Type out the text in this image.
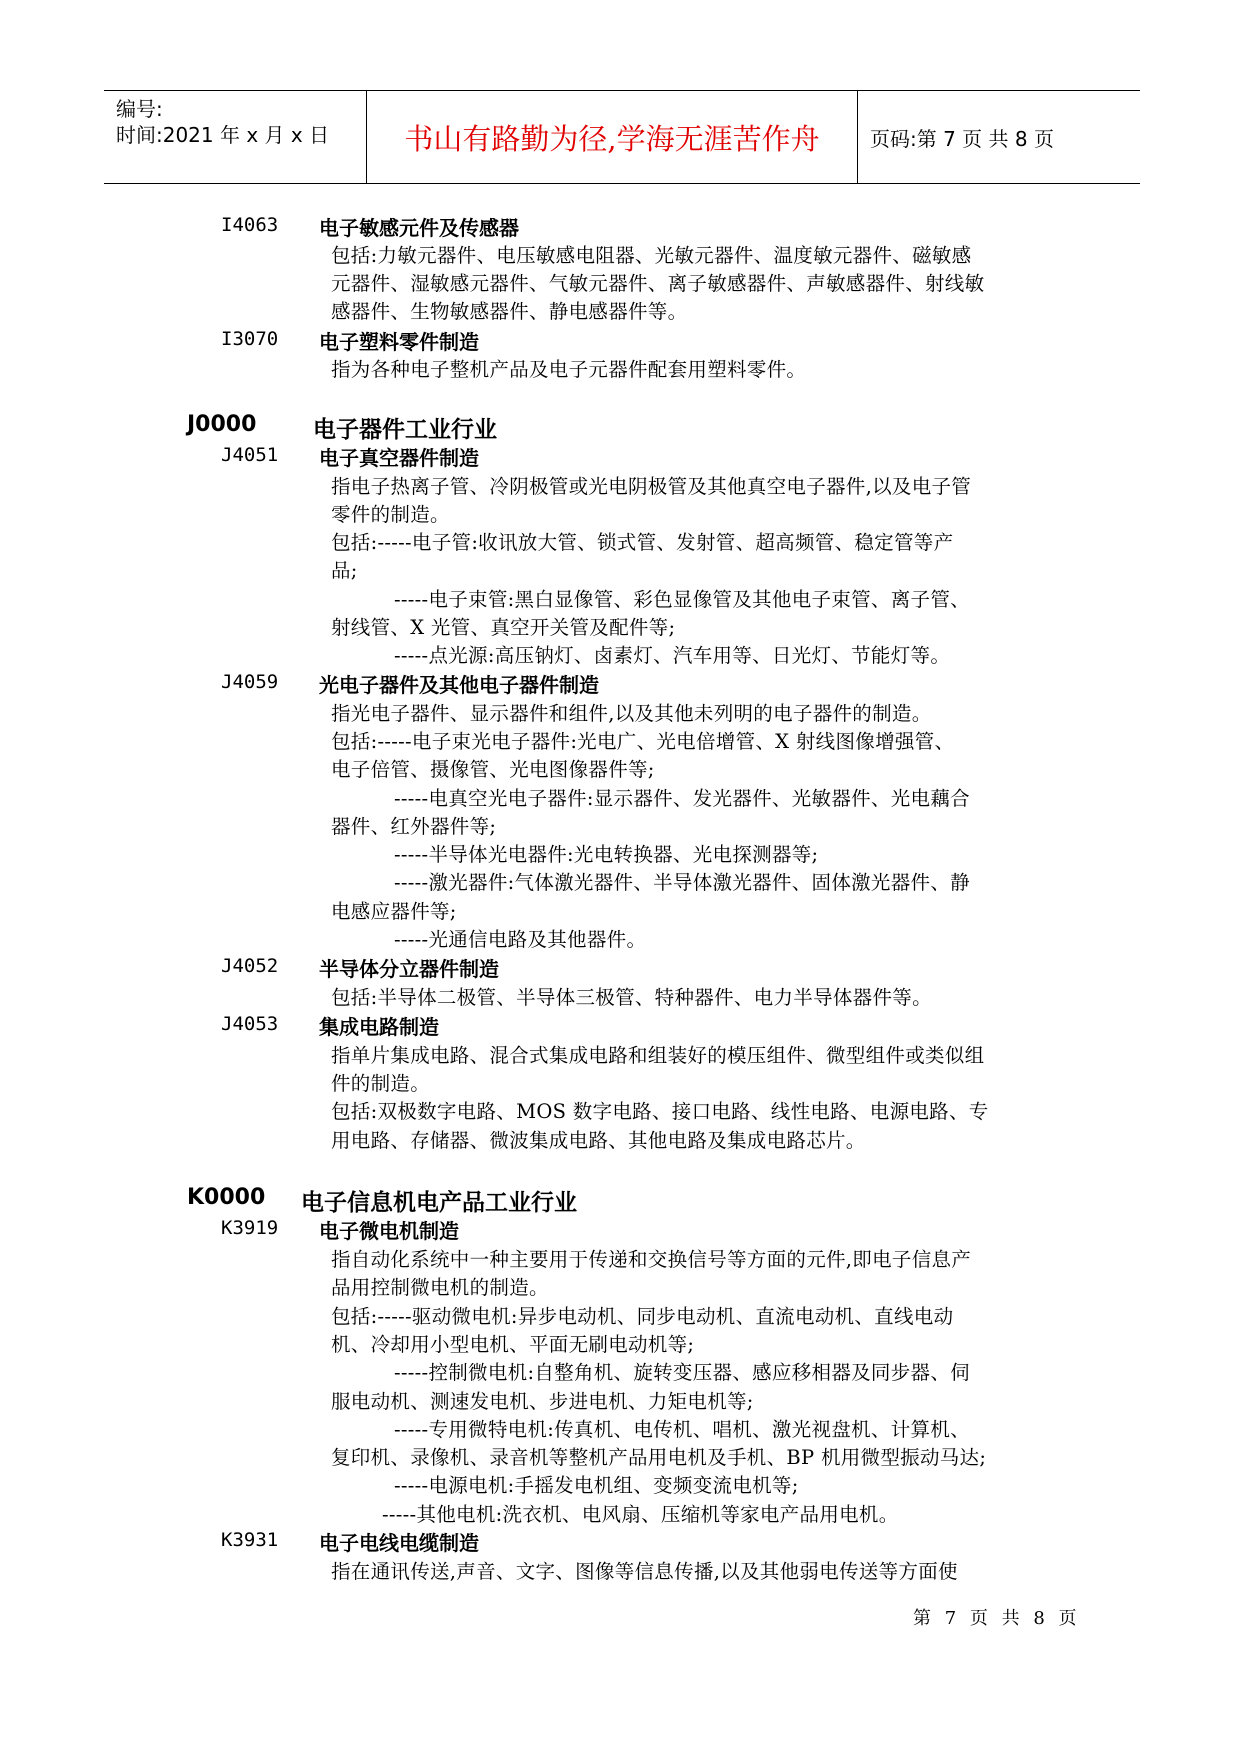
编号:
时间:2021 年 x 月 x 日	书山有路勤为径,学海无涯苦作舟	页码:第 7 页 共 8 页
I4063 电子敏感元件及传感器
包括:力敏元器件、电压敏感电阻器、光敏元器件、温度敏元器件、磁敏感
元器件、湿敏感元器件、气敏元器件、离子敏感器件、声敏感器件、射线敏
感器件、生物敏感器件、静电感器件等。
I3070 电子塑料零件制造
指为各种电子整机产品及电子元器件配套用塑料零件。
J0000 电子器件工业行业
J4051 电子真空器件制造
指电子热离子管、冷阴极管或光电阴极管及其他真空电子器件,以及电子管
零件的制造。
包括:-----电子管:收讯放大管、锁式管、发射管、超高频管、稳定管等产
品;
-----电子束管:黑白显像管、彩色显像管及其他电子束管、离子管、
射线管、X 光管、真空开关管及配件等;
-----点光源:高压钠灯、卤素灯、汽车用等、日光灯、节能灯等。
J4059 光电子器件及其他电子器件制造
指光电子器件、显示器件和组件,以及其他未列明的电子器件的制造。
包括:-----电子束光电子器件:光电广、光电倍增管、X 射线图像增强管、
电子倍管、摄像管、光电图像器件等;
-----电真空光电子器件:显示器件、发光器件、光敏器件、光电藕合
器件、红外器件等;
-----半导体光电器件:光电转换器、光电探测器等;
-----激光器件:气体激光器件、半导体激光器件、固体激光器件、静
电感应器件等;
-----光通信电路及其他器件。
J4052 半导体分立器件制造
包括:半导体二极管、半导体三极管、特种器件、电力半导体器件等。
J4053 集成电路制造
指单片集成电路、混合式集成电路和组装好的模压组件、微型组件或类似组
件的制造。
包括:双极数字电路、MOS 数字电路、接口电路、线性电路、电源电路、专
用电路、存储器、微波集成电路、其他电路及集成电路芯片。
K0000 电子信息机电产品工业行业
K3919 电子微电机制造
指自动化系统中一种主要用于传递和交换信号等方面的元件,即电子信息产
品用控制微电机的制造。
包括:-----驱动微电机:异步电动机、同步电动机、直流电动机、直线电动
机、冷却用小型电机、平面无刷电动机等;
-----控制微电机:自整角机、旋转变压器、感应移相器及同步器、伺
服电动机、测速发电机、步进电机、力矩电机等;
-----专用微特电机:传真机、电传机、唱机、激光视盘机、计算机、
复印机、录像机、录音机等整机产品用电机及手机、BP 机用微型振动马达;
-----电源电机:手摇发电机组、变频变流电机等;
-----其他电机:洗衣机、电风扇、压缩机等家电产品用电机。
K3931 电子电线电缆制造
指在通讯传送,声音、文字、图像等信息传播,以及其他弱电传送等方面使
第 7 页 共 8 页
